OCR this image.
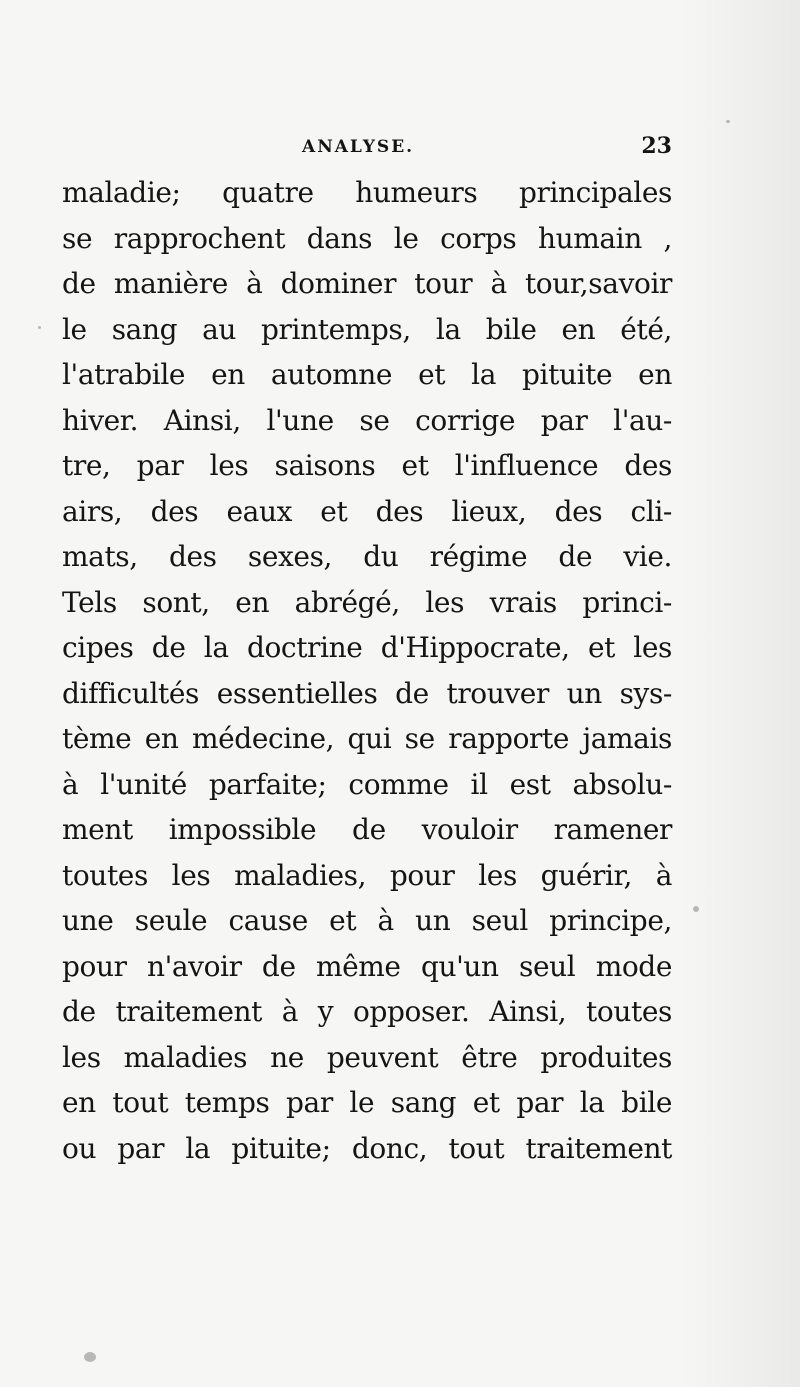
ANALYSE.	23
maladie; quatre humeurs principales
se rapprochent dans le corps humain ,
de manière à dominer tour à tour,savoir
le sang au printemps, la bile en été,
l'atrabile en automne et la pituite en
hiver. Ainsi, l'une se corrige par l'au-
tre, par les saisons et l'influence des
airs, des eaux et des lieux, des cli-
mats, des sexes, du régime de vie.
Tels sont, en abrégé, les vrais princi-
cipes de la doctrine d'Hippocrate, et les
difficultés essentielles de trouver un sys-
tème en médecine, qui se rapporte jamais
à l'unité parfaite; comme il est absolu-
ment impossible de vouloir ramener
toutes les maladies, pour les guérir, à
une seule cause et à un seul principe,
pour n'avoir de même qu'un seul mode
de traitement à y opposer. Ainsi, toutes
les maladies ne peuvent être produites
en tout temps par le sang et par la bile
ou par la pituite; donc, tout traitement
